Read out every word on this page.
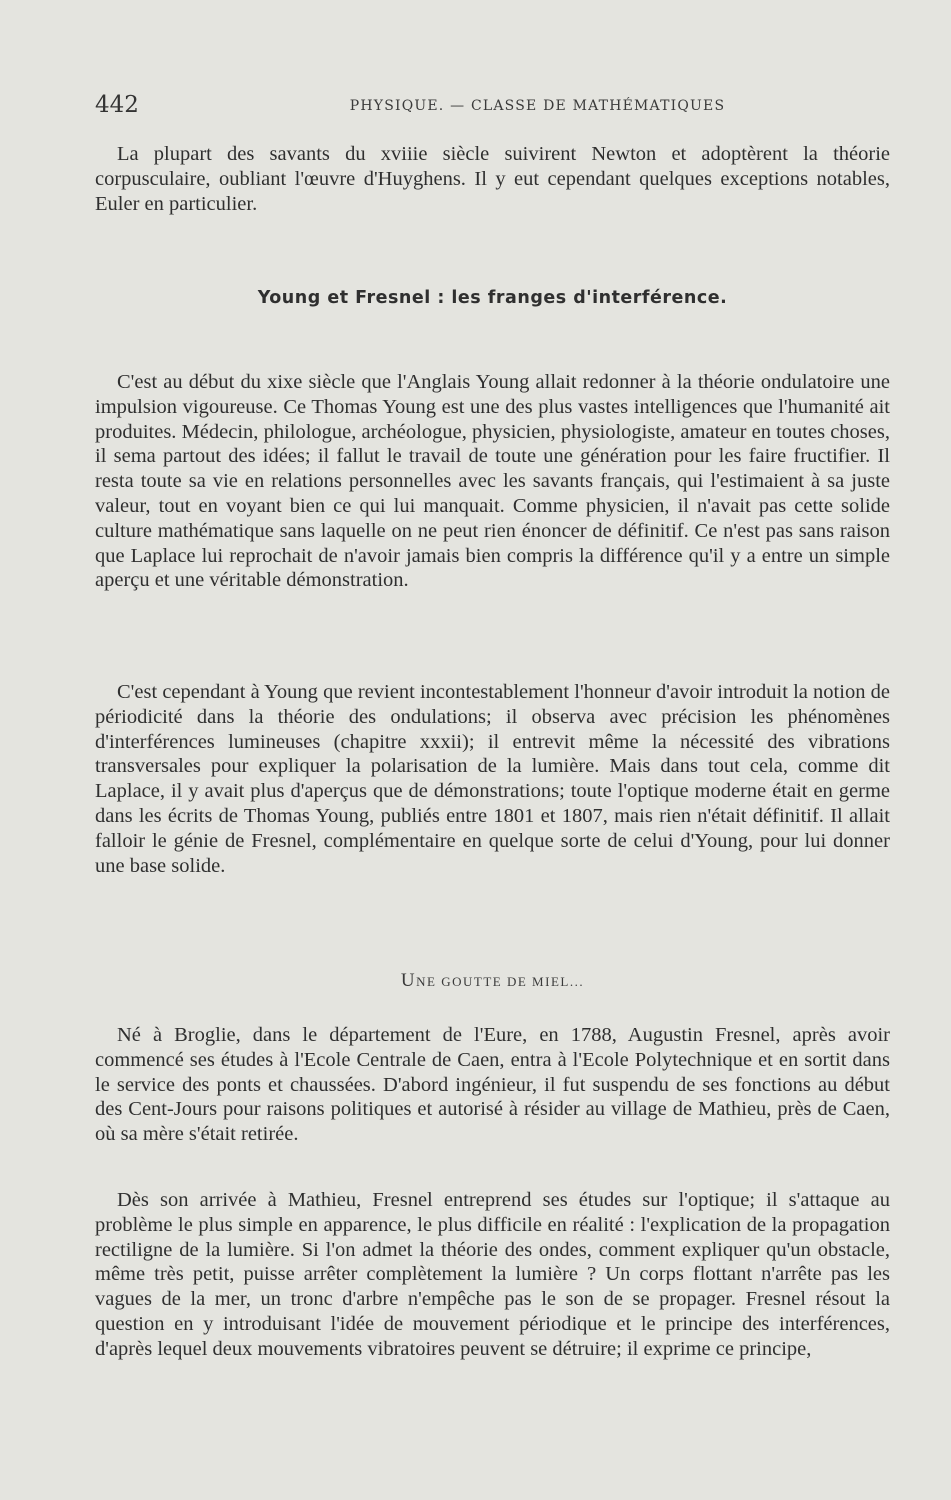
442	PHYSIQUE. — CLASSE DE MATHÉMATIQUES

La plupart des savants du xviiie siècle suivirent Newton et adoptèrent la théorie corpusculaire, oubliant l'œuvre d'Huyghens. Il y eut cependant quelques exceptions notables, Euler en particulier.

Young et Fresnel : les franges d'interférence.

C'est au début du xixe siècle que l'Anglais Young allait redonner à la théorie ondulatoire une impulsion vigoureuse. Ce Thomas Young est une des plus vastes intelligences que l'humanité ait produites. Médecin, philologue, archéologue, physicien, physiologiste, amateur en toutes choses, il sema partout des idées; il fallut le travail de toute une génération pour les faire fructifier. Il resta toute sa vie en relations personnelles avec les savants français, qui l'estimaient à sa juste valeur, tout en voyant bien ce qui lui manquait. Comme physicien, il n'avait pas cette solide culture mathématique sans laquelle on ne peut rien énoncer de définitif. Ce n'est pas sans raison que Laplace lui reprochait de n'avoir jamais bien compris la différence qu'il y a entre un simple aperçu et une véritable démonstration.

C'est cependant à Young que revient incontestablement l'honneur d'avoir introduit la notion de périodicité dans la théorie des ondulations; il observa avec précision les phénomènes d'interférences lumineuses (chapitre xxxii); il entrevit même la nécessité des vibrations transversales pour expliquer la polarisation de la lumière. Mais dans tout cela, comme dit Laplace, il y avait plus d'aperçus que de démonstrations; toute l'optique moderne était en germe dans les écrits de Thomas Young, publiés entre 1801 et 1807, mais rien n'était définitif. Il allait falloir le génie de Fresnel, complémentaire en quelque sorte de celui d'Young, pour lui donner une base solide.

UNE GOUTTE DE MIEL...

Né à Broglie, dans le département de l'Eure, en 1788, Augustin Fresnel, après avoir commencé ses études à l'Ecole Centrale de Caen, entra à l'Ecole Polytechnique et en sortit dans le service des ponts et chaussées. D'abord ingénieur, il fut suspendu de ses fonctions au début des Cent-Jours pour raisons politiques et autorisé à résider au village de Mathieu, près de Caen, où sa mère s'était retirée.

Dès son arrivée à Mathieu, Fresnel entreprend ses études sur l'optique; il s'attaque au problème le plus simple en apparence, le plus difficile en réalité : l'explication de la propagation rectiligne de la lumière. Si l'on admet la théorie des ondes, comment expliquer qu'un obstacle, même très petit, puisse arrêter complètement la lumière ? Un corps flottant n'arrête pas les vagues de la mer, un tronc d'arbre n'empêche pas le son de se propager. Fresnel résout la question en y introduisant l'idée de mouvement périodique et le principe des interférences, d'après lequel deux mouvements vibratoires peuvent se détruire; il exprime ce principe,
